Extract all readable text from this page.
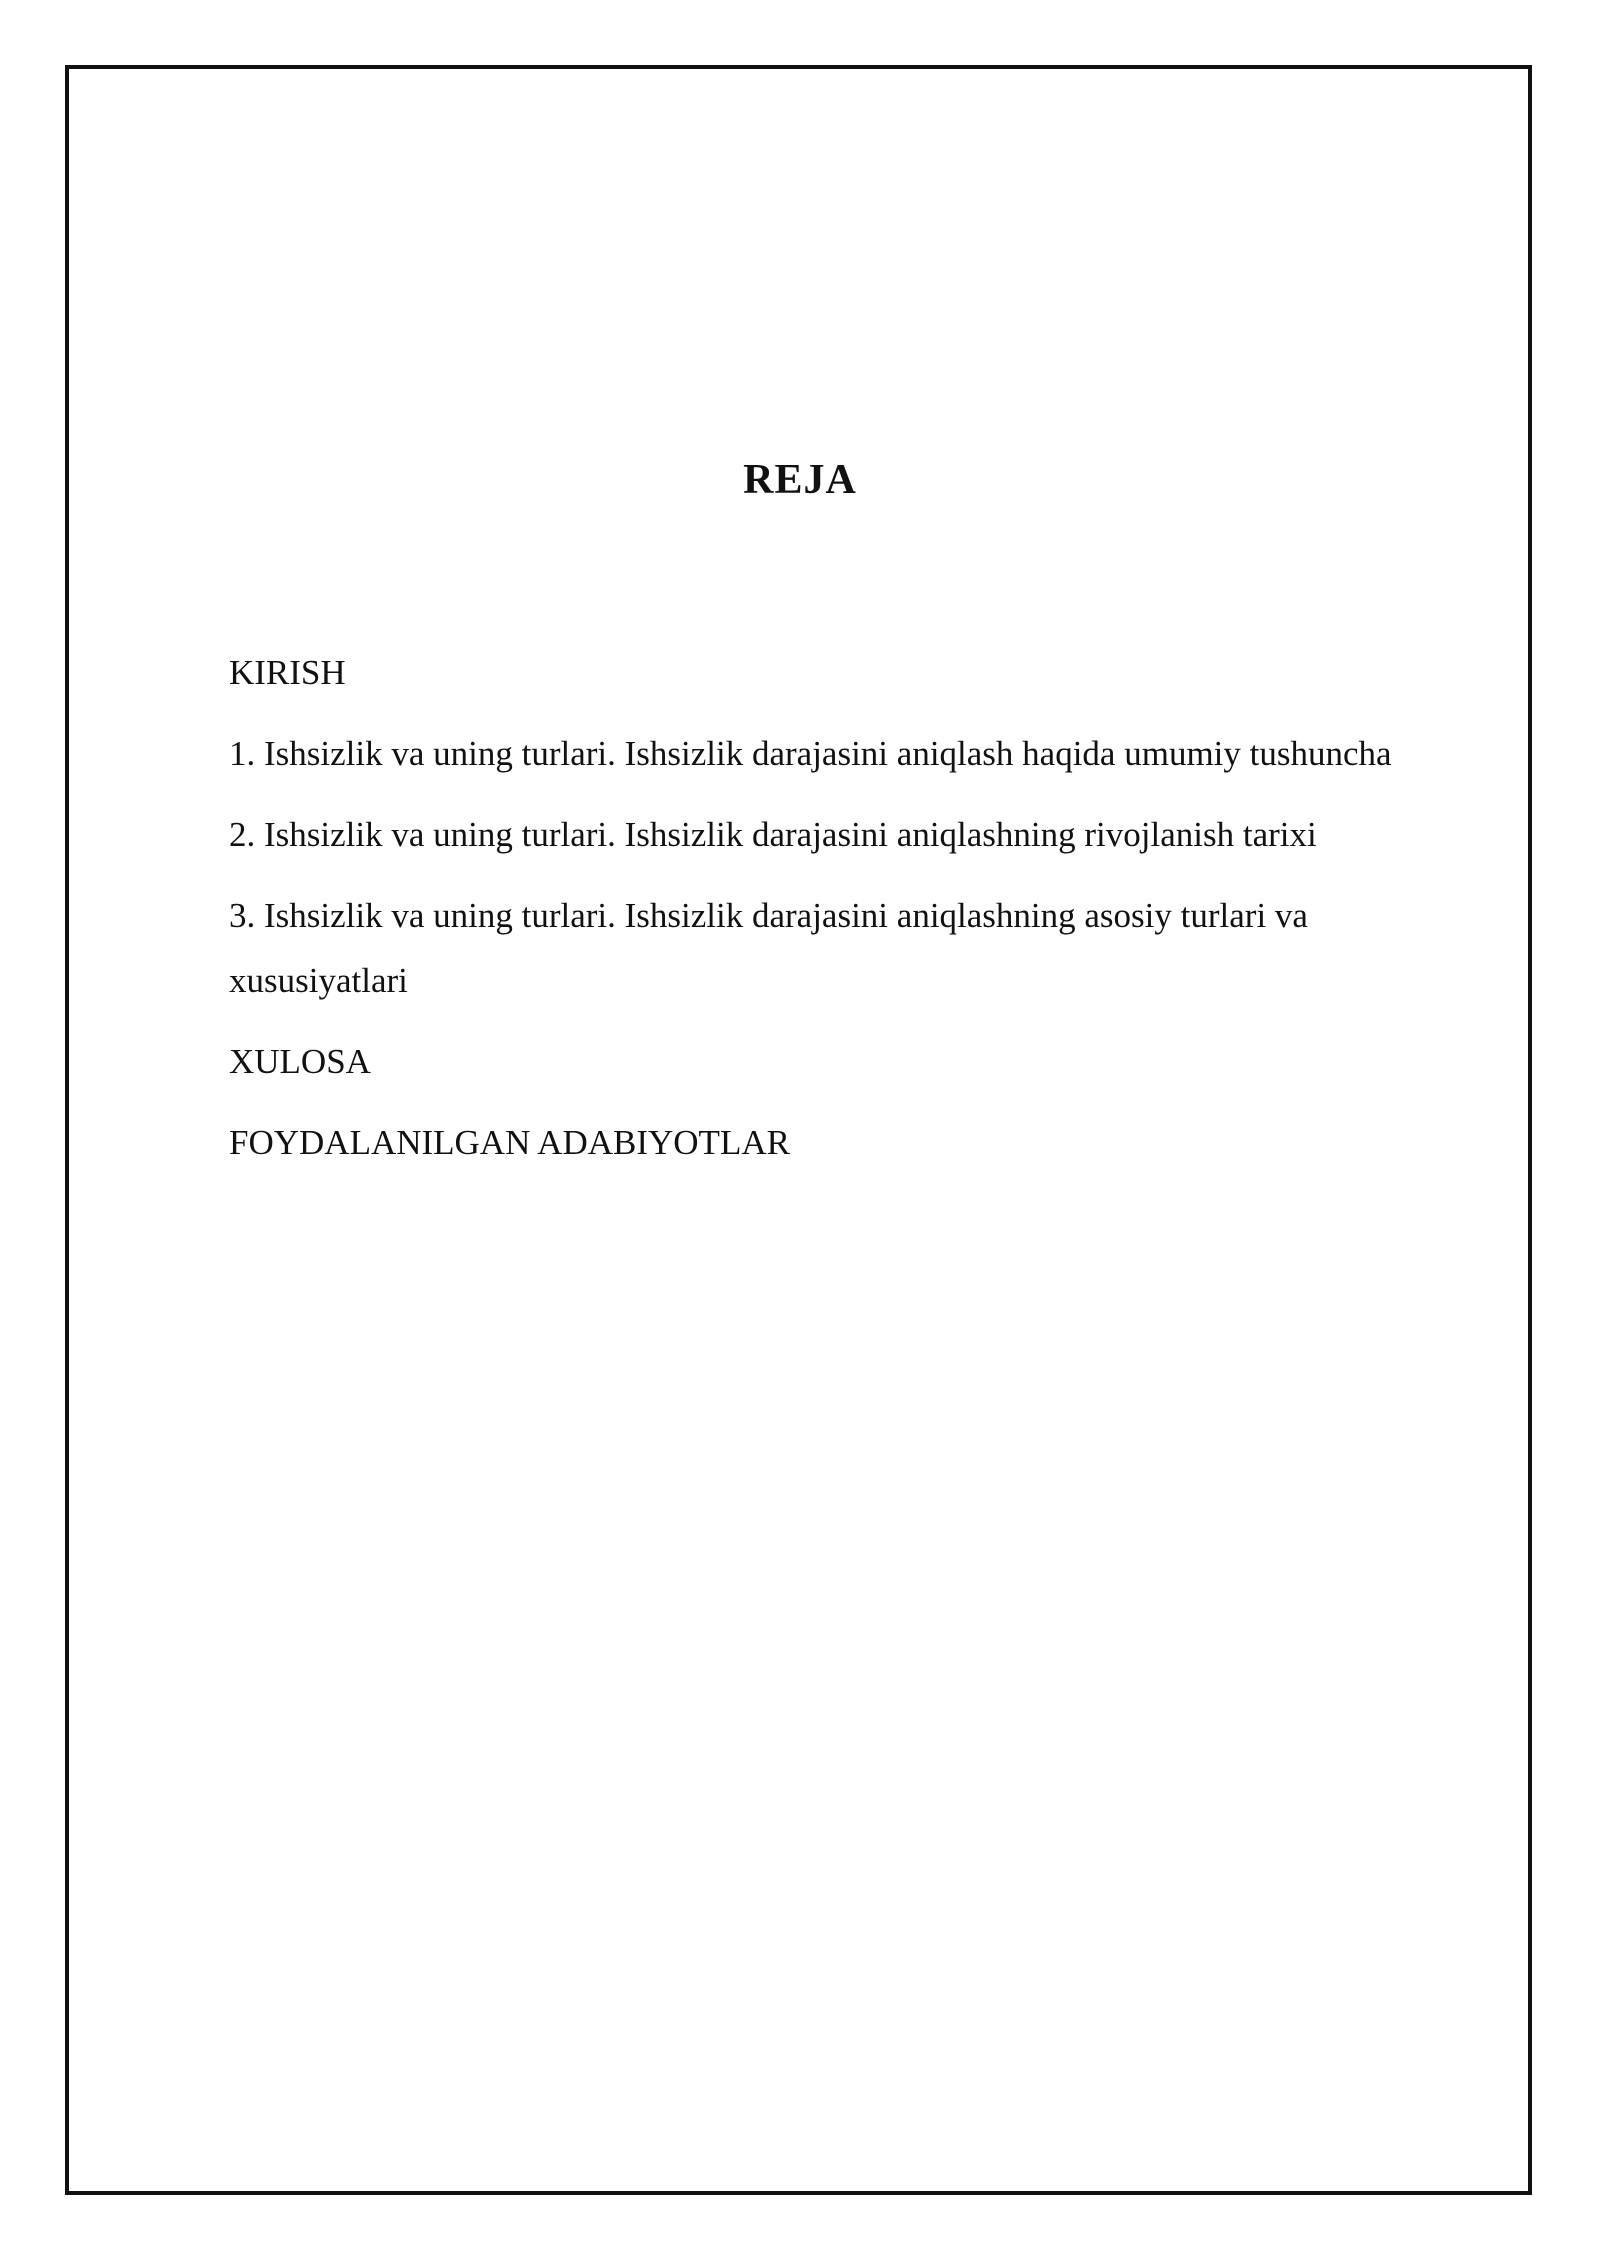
REJA
KIRISH
1. Ishsizlik va uning turlari. Ishsizlik darajasini aniqlash haqida umumiy tushuncha
2. Ishsizlik va uning turlari. Ishsizlik darajasini aniqlashning rivojlanish tarixi
3. Ishsizlik va uning turlari. Ishsizlik darajasini aniqlashning asosiy turlari va xususiyatlari
XULOSA
FOYDALANILGAN ADABIYOTLAR
